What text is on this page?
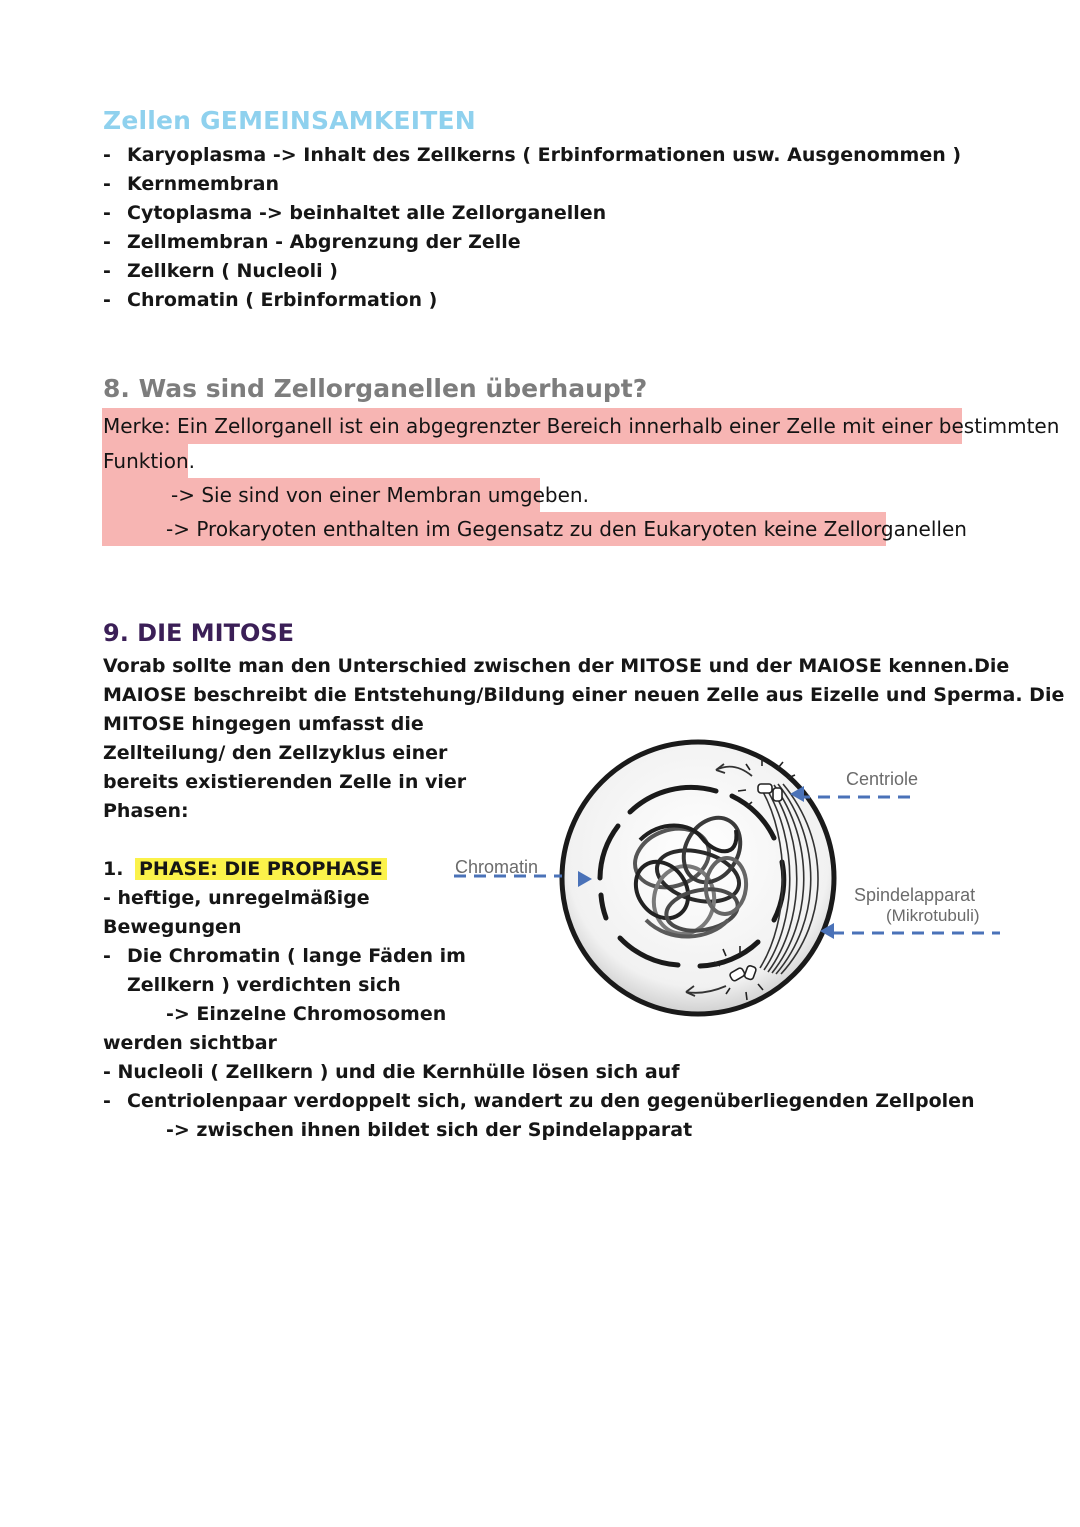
Zellen GEMEINSAMKEITEN
- Karyoplasma -> Inhalt des Zellkerns ( Erbinformationen usw. Ausgenommen )
- Kernmembran
- Cytoplasma -> beinhaltet alle Zellorganellen
- Zellmembran - Abgrenzung der Zelle
- Zellkern ( Nucleoli )
- Chromatin ( Erbinformation )
8. Was sind Zellorganellen überhaupt?
Merke: Ein Zellorganell ist ein abgegrenzter Bereich innerhalb einer Zelle mit einer bestimmten
Funktion.
-> Sie sind von einer Membran umgeben.
-> Prokaryoten enthalten im Gegensatz zu den Eukaryoten keine Zellorganellen
9. DIE MITOSE
Vorab sollte man den Unterschied zwischen der MITOSE und der MAIOSE kennen.Die
MAIOSE beschreibt die Entstehung/Bildung einer neuen Zelle aus Eizelle und Sperma. Die
MITOSE hingegen umfasst die
Zellteilung/ den Zellzyklus einer
bereits existierenden Zelle in vier
Phasen:
1. PHASE: DIE PROPHASE
- heftige, unregelmäßige
Bewegungen
- Die Chromatin ( lange Fäden im
Zellkern ) verdichten sich
-> Einzelne Chromosomen
werden sichtbar
- Nucleoli ( Zellkern ) und die Kernhülle lösen sich auf
- Centriolenpaar verdoppelt sich, wandert zu den gegenüberliegenden Zellpolen
-> zwischen ihnen bildet sich der Spindelapparat
Chromatin
Centriole
Spindelapparat
(Mikrotubuli)
